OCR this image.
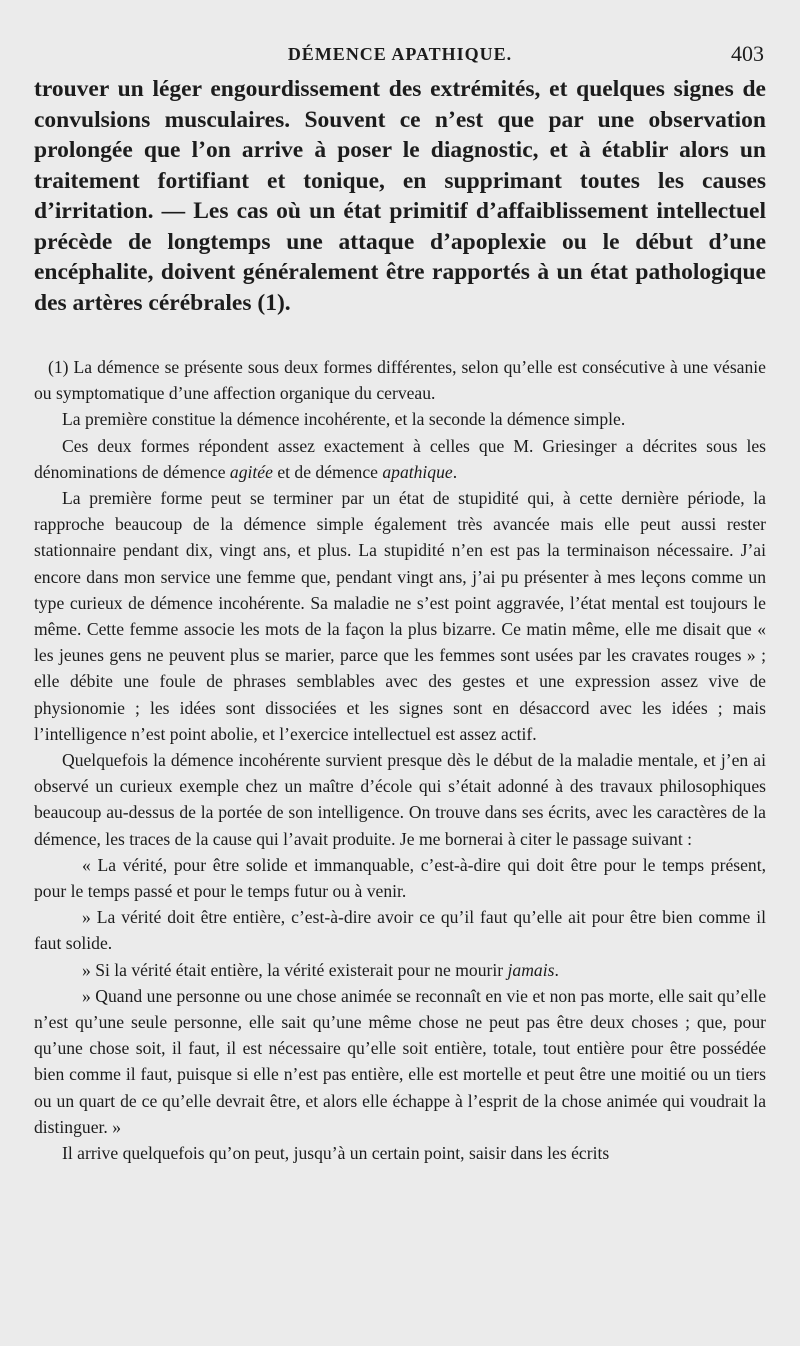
DÉMENCE APATHIQUE.	403

trouver un léger engourdissement des extrémités, et quelques signes de convulsions musculaires. Souvent ce n’est que par une observation prolongée que l’on arrive à poser le diagnostic, et à établir alors un traitement fortifiant et tonique, en supprimant toutes les causes d’irritation. — Les cas où un état primitif d’affaiblissement intellectuel précède de longtemps une attaque d’apoplexie ou le début d’une encéphalite, doivent généralement être rapportés à un état pathologique des artères cérébrales (1).

(1) La démence se présente sous deux formes différentes, selon qu’elle est consécutive à une vésanie ou symptomatique d’une affection organique du cerveau.

La première constitue la démence incohérente, et la seconde la démence simple.

Ces deux formes répondent assez exactement à celles que M. Griesinger a décrites sous les dénominations de démence agitée et de démence apathique.

La première forme peut se terminer par un état de stupidité qui, à cette dernière période, la rapproche beaucoup de la démence simple également très avancée mais elle peut aussi rester stationnaire pendant dix, vingt ans, et plus. La stupidité n’en est pas la terminaison nécessaire. J’ai encore dans mon service une femme que, pendant vingt ans, j’ai pu présenter à mes leçons comme un type curieux de démence incohérente. Sa maladie ne s’est point aggravée, l’état mental est toujours le même. Cette femme associe les mots de la façon la plus bizarre. Ce matin même, elle me disait que « les jeunes gens ne peuvent plus se marier, parce que les femmes sont usées par les cravates rouges » ; elle débite une foule de phrases semblables avec des gestes et une expression assez vive de physionomie ; les idées sont dissociées et les signes sont en désaccord avec les idées ; mais l’intelligence n’est point abolie, et l’exercice intellectuel est assez actif.

Quelquefois la démence incohérente survient presque dès le début de la maladie mentale, et j’en ai observé un curieux exemple chez un maître d’école qui s’était adonné à des travaux philosophiques beaucoup au-dessus de la portée de son intelligence. On trouve dans ses écrits, avec les caractères de la démence, les traces de la cause qui l’avait produite. Je me bornerai à citer le passage suivant :

« La vérité, pour être solide et immanquable, c’est-à-dire qui doit être pour le temps présent, pour le temps passé et pour le temps futur ou à venir.

» La vérité doit être entière, c’est-à-dire avoir ce qu’il faut qu’elle ait pour être bien comme il faut solide.

» Si la vérité était entière, la vérité existerait pour ne mourir jamais.

» Quand une personne ou une chose animée se reconnaît en vie et non pas morte, elle sait qu’elle n’est qu’une seule personne, elle sait qu’une même chose ne peut pas être deux choses ; que, pour qu’une chose soit, il faut, il est nécessaire qu’elle soit entière, totale, tout entière pour être possédée bien comme il faut, puisque si elle n’est pas entière, elle est mortelle et peut être une moitié ou un tiers ou un quart de ce qu’elle devrait être, et alors elle échappe à l’esprit de la chose animée qui voudrait la distinguer. »

Il arrive quelquefois qu’on peut, jusqu’à un certain point, saisir dans les écrits
